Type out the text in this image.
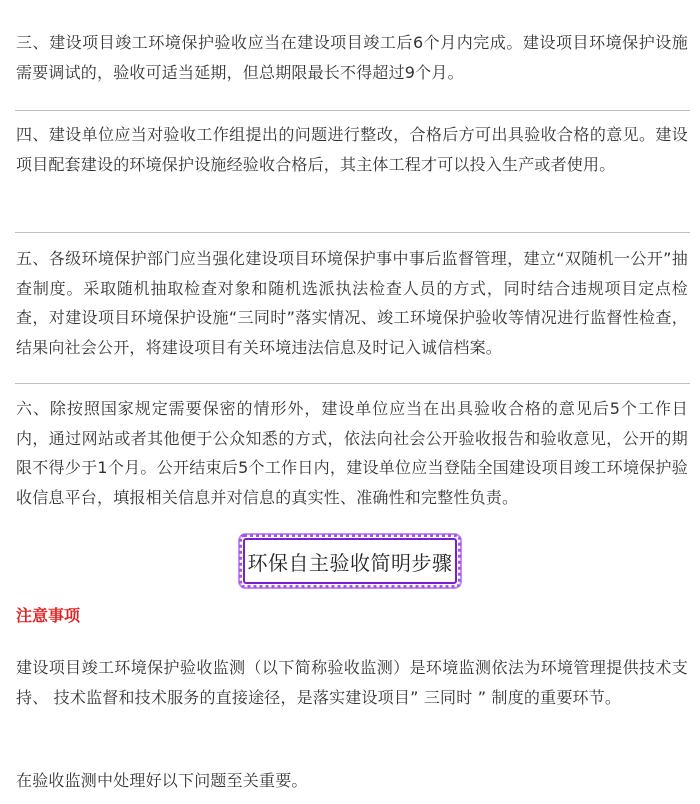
三、建设项目竣工环境保护验收应当在建设项目竣工后6个月内完成。建设项目环境保护设施需要调试的，验收可适当延期，但总期限最长不得超过9个月。

四、建设单位应当对验收工作组提出的问题进行整改，合格后方可出具验收合格的意见。建设项目配套建设的环境保护设施经验收合格后，其主体工程才可以投入生产或者使用。

五、各级环境保护部门应当强化建设项目环境保护事中事后监督管理，建立“双随机一公开”抽查制度。采取随机抽取检查对象和随机选派执法检查人员的方式，同时结合违规项目定点检查，对建设项目环境保护设施“三同时”落实情况、竣工环境保护验收等情况进行监督性检查，结果向社会公开，将建设项目有关环境违法信息及时记入诚信档案。

六、除按照国家规定需要保密的情形外，建设单位应当在出具验收合格的意见后5个工作日内，通过网站或者其他便于公众知悉的方式，依法向社会公开验收报告和验收意见，公开的期限不得少于1个月。公开结束后5个工作日内，建设单位应当登陆全国建设项目竣工环境保护验收信息平台，填报相关信息并对信息的真实性、准确性和完整性负责。

环保自主验收简明步骤

注意事项

建设项目竣工环境保护验收监测（以下简称验收监测）是环境监测依法为环境管理提供技术支持、 技术监督和技术服务的直接途径，是落实建设项目” 三同时 ” 制度的重要环节。

在验收监测中处理好以下问题至关重要。
